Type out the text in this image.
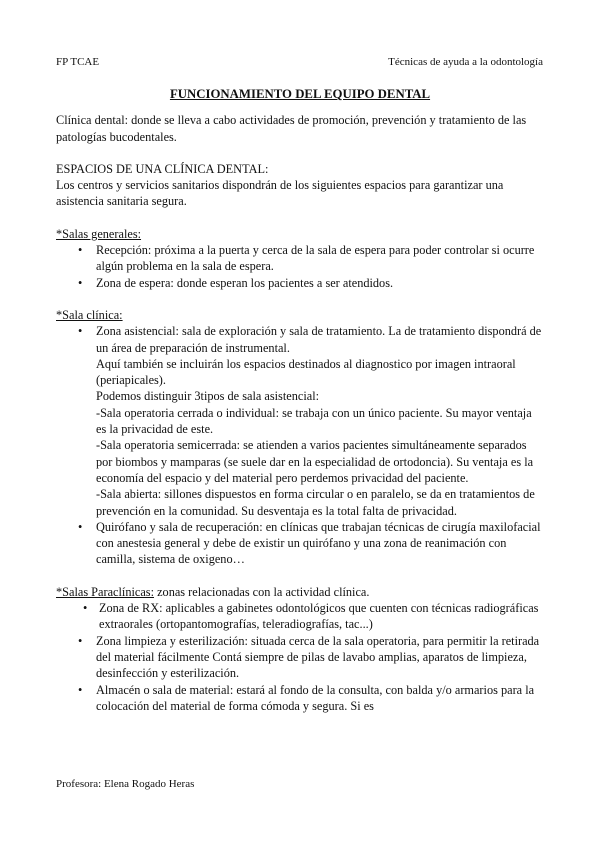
FP TCAE	Técnicas de ayuda a la odontología
FUNCIONAMIENTO DEL EQUIPO DENTAL

Clínica dental: donde se lleva a cabo actividades de promoción, prevención y tratamiento de las patologías bucodentales.

ESPACIOS DE UNA CLÍNICA DENTAL:

Los centros y servicios sanitarios dispondrán de los siguientes espacios para garantizar una asistencia sanitaria segura.

*Salas generales:

• Recepción: próxima a la puerta y cerca de la sala de espera para poder controlar si ocurre algún problema en la sala de espera.
• Zona de espera: donde esperan los pacientes a ser atendidos.

*Sala clínica:

• Zona asistencial: sala de exploración y sala de tratamiento. La de tratamiento dispondrá de un área de preparación de instrumental.
Aquí también se incluirán los espacios destinados al diagnostico por imagen intraoral (periapicales).
Podemos distinguir 3tipos de sala asistencial:
-Sala operatoria cerrada o individual: se trabaja con un único paciente. Su mayor ventaja es la privacidad de este.
-Sala operatoria semicerrada: se atienden a varios pacientes simultáneamente separados por biombos y mamparas (se suele dar en la especialidad de ortodoncia). Su ventaja es la economía del espacio y del material pero perdemos privacidad del paciente.
-Sala abierta: sillones dispuestos en forma circular o en paralelo, se da en tratamientos de prevención en la comunidad. Su desventaja es la total falta de privacidad.
• Quirófano y sala de recuperación: en clínicas que trabajan técnicas de cirugía maxilofacial con anestesia general y debe de existir un quirófano y una zona de reanimación con camilla, sistema de oxigeno…

*Salas Paraclínicas: zonas relacionadas con la actividad clínica.

• Zona de RX: aplicables a gabinetes odontológicos que cuenten con técnicas radiográficas extraorales (ortopantomografías, teleradiografías, tac...)
• Zona limpieza y esterilización: situada cerca de la sala operatoria, para permitir la retirada del material fácilmente Contá siempre de pilas de lavabo amplias, aparatos de limpieza, desinfección y esterilización.
• Almacén o sala de material: estará al fondo de la consulta, con balda y/o armarios para la colocación del material de forma cómoda y segura. Si es
Profesora: Elena Rogado Heras
